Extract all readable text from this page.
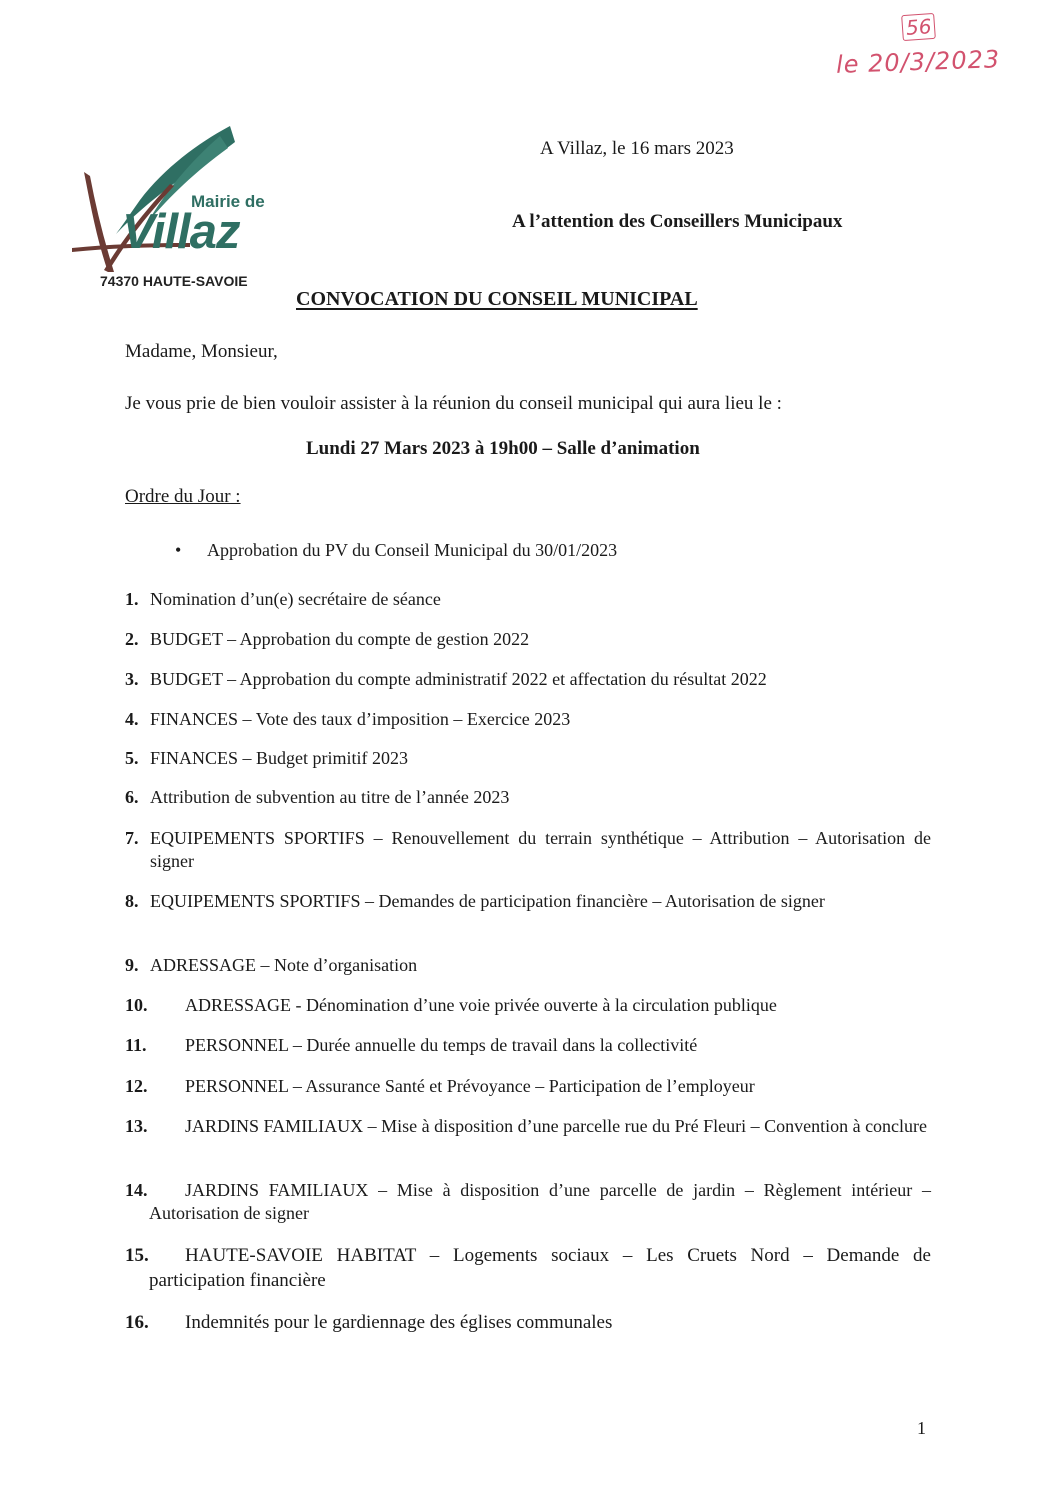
56
le 20/3/2023
Mairie de
Villaz
74370 HAUTE-SAVOIE
A Villaz, le 16 mars 2023
A l’attention des Conseillers Municipaux
CONVOCATION DU CONSEIL MUNICIPAL
Madame, Monsieur,
Je vous prie de bien vouloir assister à la réunion du conseil municipal qui aura lieu le :
Lundi 27 Mars 2023 à 19h00 – Salle d’animation
Ordre du Jour :
• Approbation du PV du Conseil Municipal du 30/01/2023
1. Nomination d’un(e) secrétaire de séance
2. BUDGET – Approbation du compte de gestion 2022
3. BUDGET – Approbation du compte administratif 2022 et affectation du résultat 2022
4. FINANCES – Vote des taux d’imposition – Exercice 2023
5. FINANCES – Budget primitif 2023
6. Attribution de subvention au titre de l’année 2023
7. EQUIPEMENTS SPORTIFS – Renouvellement du terrain synthétique – Attribution – Autorisation de signer
8. EQUIPEMENTS SPORTIFS – Demandes de participation financière – Autorisation de signer
9. ADRESSAGE – Note d’organisation
10.	ADRESSAGE - Dénomination d’une voie privée ouverte à la circulation publique
11.	PERSONNEL – Durée annuelle du temps de travail dans la collectivité
12.	PERSONNEL – Assurance Santé et Prévoyance – Participation de l’employeur
13.	JARDINS FAMILIAUX – Mise à disposition d’une parcelle rue du Pré Fleuri – Convention à conclure
14.	JARDINS FAMILIAUX – Mise à disposition d’une parcelle de jardin – Règlement intérieur – Autorisation de signer
15.	HAUTE-SAVOIE HABITAT – Logements sociaux – Les Cruets Nord – Demande de participation financière
16.	Indemnités pour le gardiennage des églises communales
1
